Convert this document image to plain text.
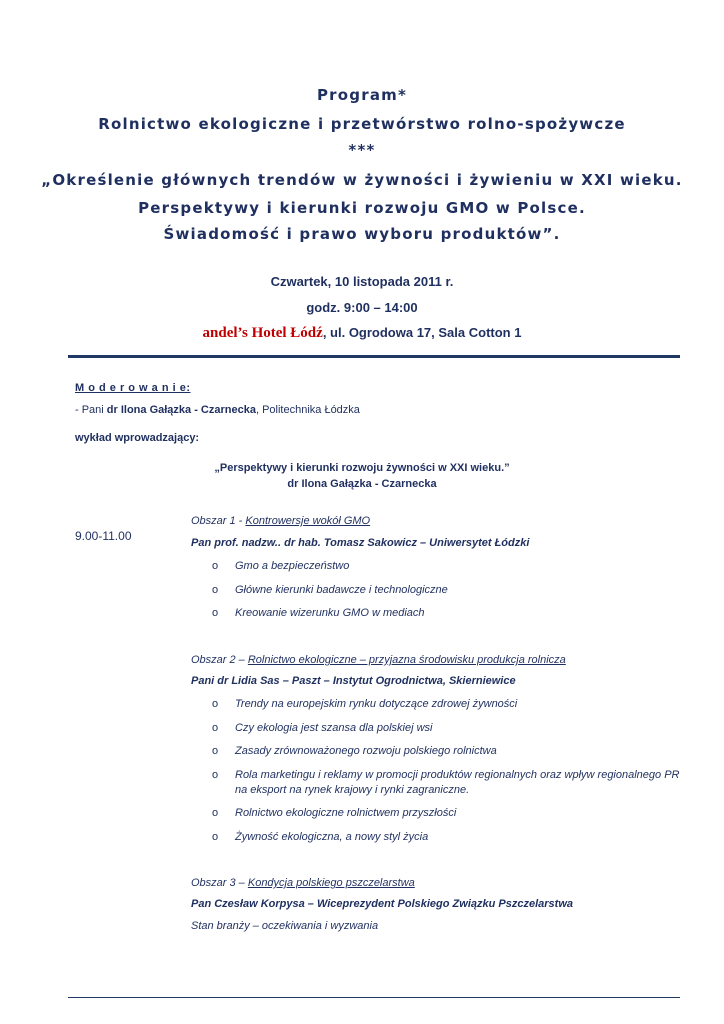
Program*
Rolnictwo ekologiczne i przetwórstwo rolno-spożywcze
***
„Określenie głównych trendów w żywności i żywieniu w XXI wieku.
Perspektywy i kierunki rozwoju GMO w Polsce.
Świadomość i prawo wyboru produktów”.
Czwartek, 10 listopada 2011 r.
godz. 9:00 – 14:00
andel’s Hotel Łódź, ul. Ogrodowa 17, Sala Cotton 1
M o d e r o w a n i e:
- Pani dr Ilona Gałązka - Czarnecka, Politechnika Łódzka
wykład wprowadzający:
„Perspektywy i kierunki rozwoju żywności w XXI wieku.”
dr Ilona Gałązka - Czarnecka
9.00-11.00
Obszar 1 - Kontrowersje wokół GMO
Pan prof. nadzw.. dr hab. Tomasz Sakowicz – Uniwersytet Łódzki
o Gmo a bezpieczeństwo
o Główne kierunki badawcze i technologiczne
o Kreowanie wizerunku GMO w mediach
Obszar 2 – Rolnictwo ekologiczne – przyjazna środowisku produkcja rolnicza
Pani dr Lidia Sas – Paszt – Instytut Ogrodnictwa, Skierniewice
o Trendy na europejskim rynku dotyczące zdrowej żywności
o Czy ekologia jest szansa dla polskiej wsi
o Zasady zrównoważonego rozwoju polskiego rolnictwa
o Rola marketingu i reklamy w promocji produktów regionalnych oraz wpływ regionalnego PR na eksport na rynek krajowy i rynki zagraniczne.
o Rolnictwo ekologiczne rolnictwem przyszłości
o Żywność ekologiczna, a nowy styl życia
Obszar 3 – Kondycja polskiego pszczelarstwa
Pan Czesław Korpysa – Wiceprezydent Polskiego Związku Pszczelarstwa
Stan branży – oczekiwania i wyzwania
